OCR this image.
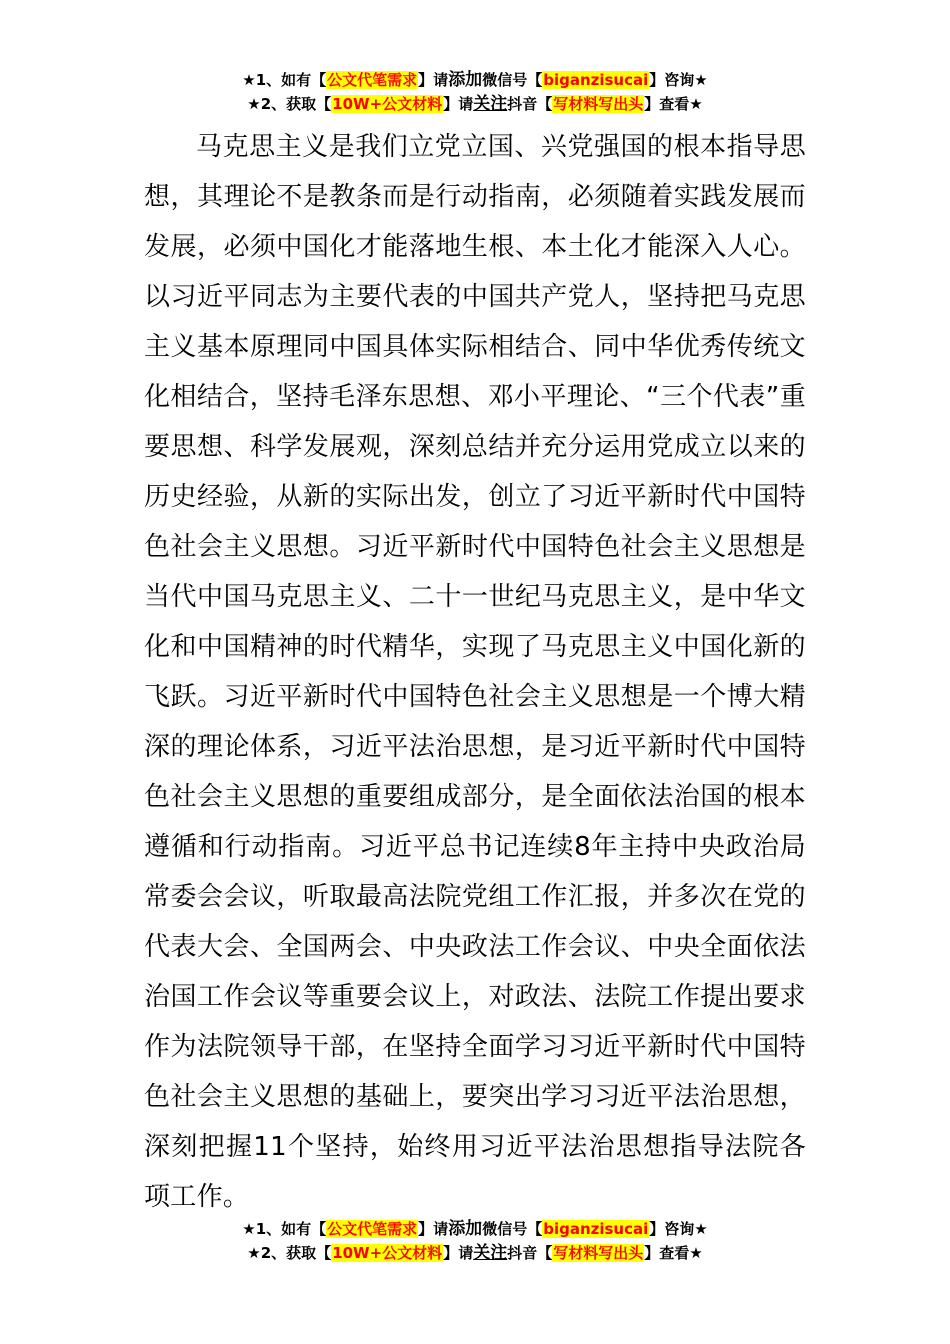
★1、如有【公文代笔需求】请添加微信号【biganzisucai】咨询★
★2、获取【10W+公文材料】请关注抖音【写材料写出头】查看★

马克思主义是我们立党立国、兴党强国的根本指导思想，其理论不是教条而是行动指南，必须随着实践发展而发展，必须中国化才能落地生根、本土化才能深入人心。以习近平同志为主要代表的中国共产党人，坚持把马克思主义基本原理同中国具体实际相结合、同中华优秀传统文化相结合，坚持毛泽东思想、邓小平理论、“三个代表”重要思想、科学发展观，深刻总结并充分运用党成立以来的历史经验，从新的实际出发，创立了习近平新时代中国特色社会主义思想。习近平新时代中国特色社会主义思想是当代中国马克思主义、二十一世纪马克思主义，是中华文化和中国精神的时代精华，实现了马克思主义中国化新的飞跃。习近平新时代中国特色社会主义思想是一个博大精深的理论体系，习近平法治思想，是习近平新时代中国特色社会主义思想的重要组成部分，是全面依法治国的根本遵循和行动指南。习近平总书记连续8年主持中央政治局常委会会议，听取最高法院党组工作汇报，并多次在党的代表大会、全国两会、中央政法工作会议、中央全面依法治国工作会议等重要会议上，对政法、法院工作提出要求作为法院领导干部，在坚持全面学习习近平新时代中国特色社会主义思想的基础上，要突出学习习近平法治思想，深刻把握11个坚持，始终用习近平法治思想指导法院各项工作。

★1、如有【公文代笔需求】请添加微信号【biganzisucai】咨询★
★2、获取【10W+公文材料】请关注抖音【写材料写出头】查看★
